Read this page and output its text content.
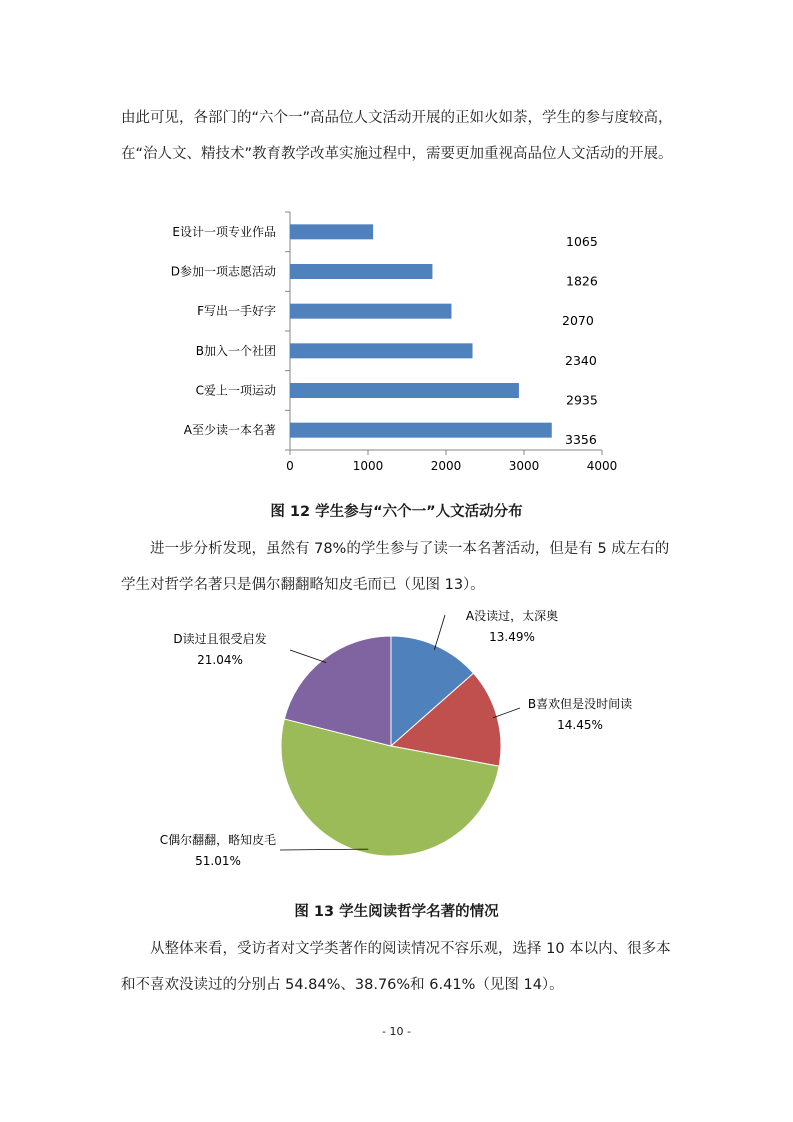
由此可见，各部门的“六个一”高品位人文活动开展的正如火如荼，学生的参与度较高，在“治人文、精技术”教育教学改革实施过程中，需要更加重视高品位人文活动的开展。
0	1000	2000	3000	4000
E设计一项专业作品
1065
D参加一项志愿活动
1826
F写出一手好字
2070
B加入一个社团
2340
C爱上一项运动
2935
A至少读一本名著
3356
图 12 学生参与“六个一”人文活动分布
进一步分析发现，虽然有 78%的学生参与了读一本名著活动，但是有 5 成左右的学生对哲学名著只是偶尔翻翻略知皮毛而已（见图 13）。
A没读过，太深奥
13.49%
B喜欢但是没时间读
14.45%
C偶尔翻翻，略知皮毛
51.01%
D读过且很受启发
21.04%
图 13 学生阅读哲学名著的情况
从整体来看，受访者对文学类著作的阅读情况不容乐观，选择 10 本以内、很多本和不喜欢没读过的分别占 54.84%、38.76%和 6.41%（见图 14）。
- 10 -
